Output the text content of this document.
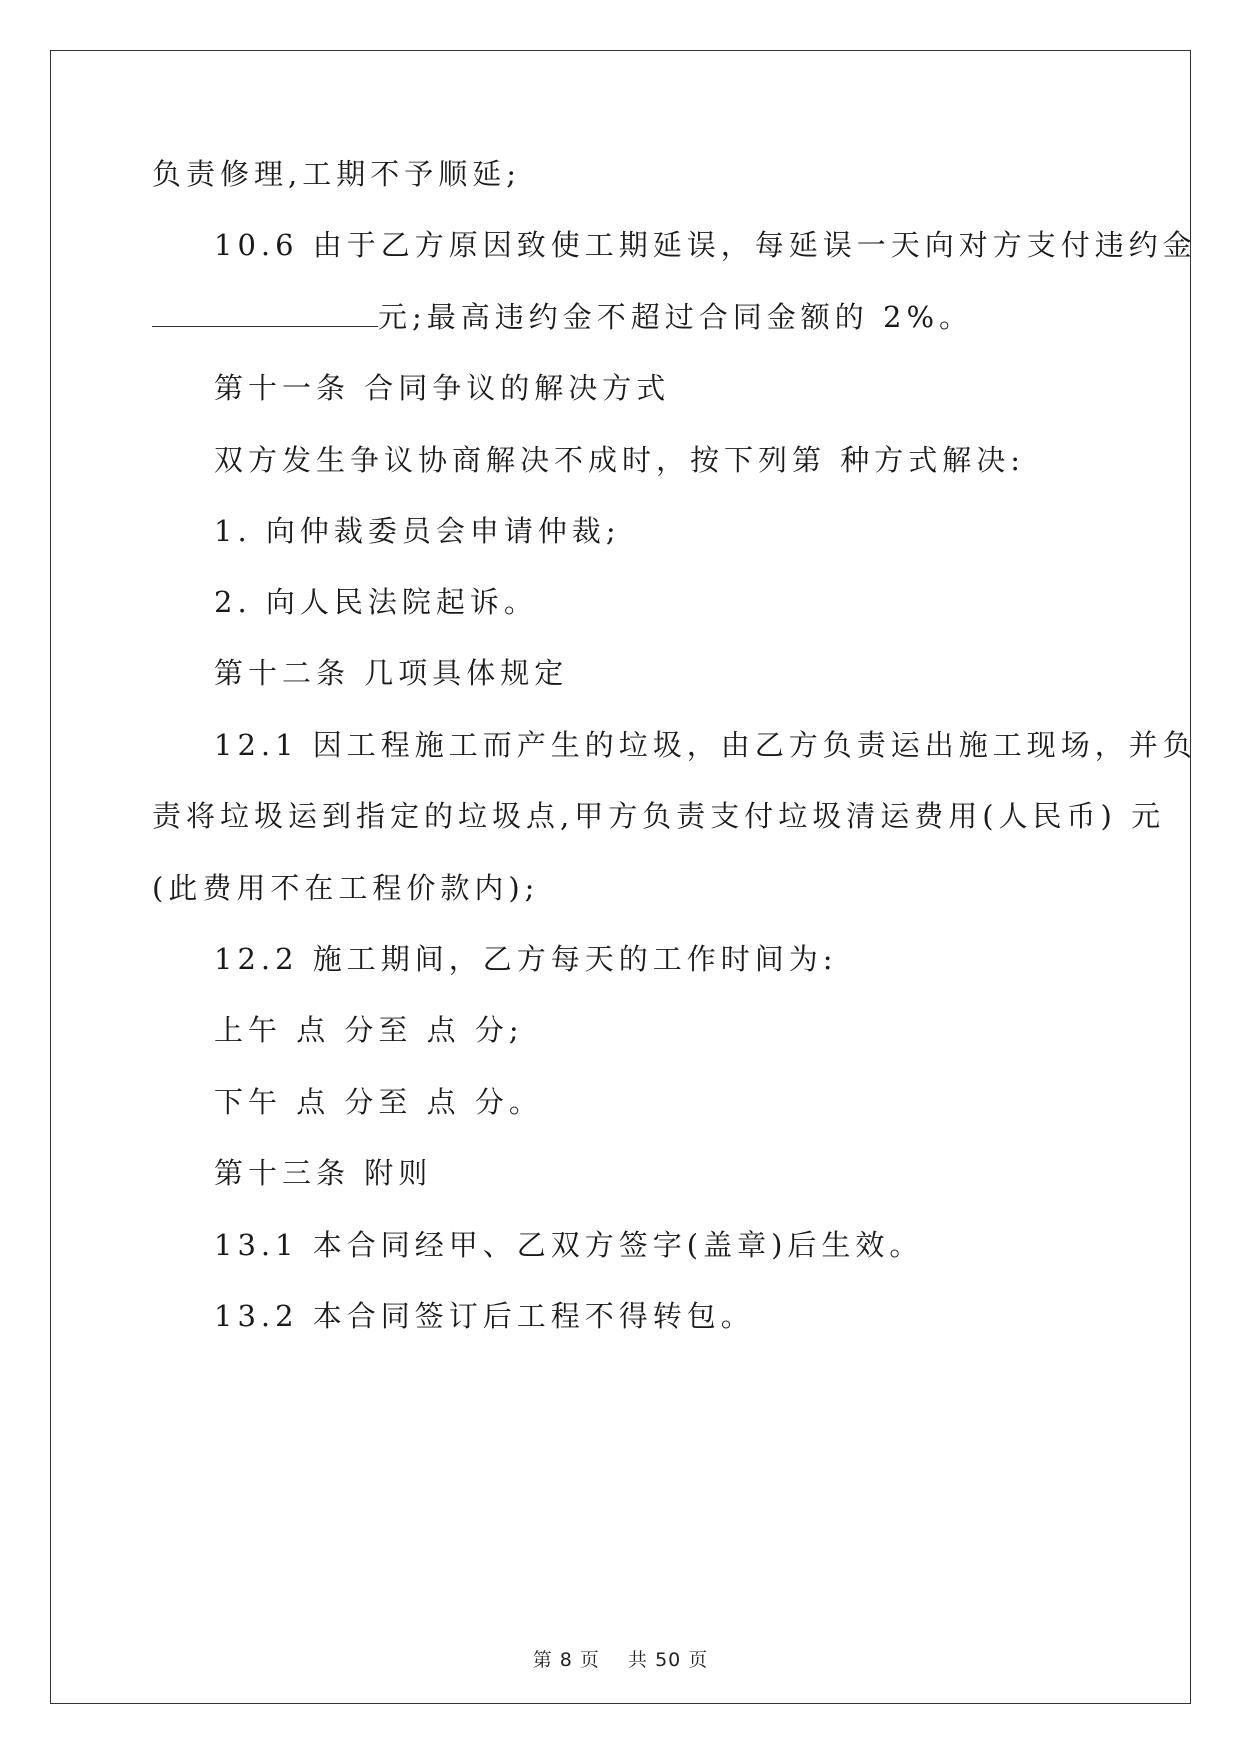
负责修理,工期不予顺延;
10.6 由于乙方原因致使工期延误，每延误一天向对方支付违约金
元;最高违约金不超过合同金额的 2%。
第十一条 合同争议的解决方式
双方发生争议协商解决不成时，按下列第 种方式解决:
1. 向仲裁委员会申请仲裁;
2. 向人民法院起诉。
第十二条 几项具体规定
12.1 因工程施工而产生的垃圾，由乙方负责运出施工现场，并负
责将垃圾运到指定的垃圾点,甲方负责支付垃圾清运费用(人民币) 元
(此费用不在工程价款内);
12.2 施工期间，乙方每天的工作时间为:
上午 点 分至 点 分;
下午 点 分至 点 分。
第十三条 附则
13.1 本合同经甲、乙双方签字(盖章)后生效。
13.2 本合同签订后工程不得转包。
第 8 页    共 50 页
